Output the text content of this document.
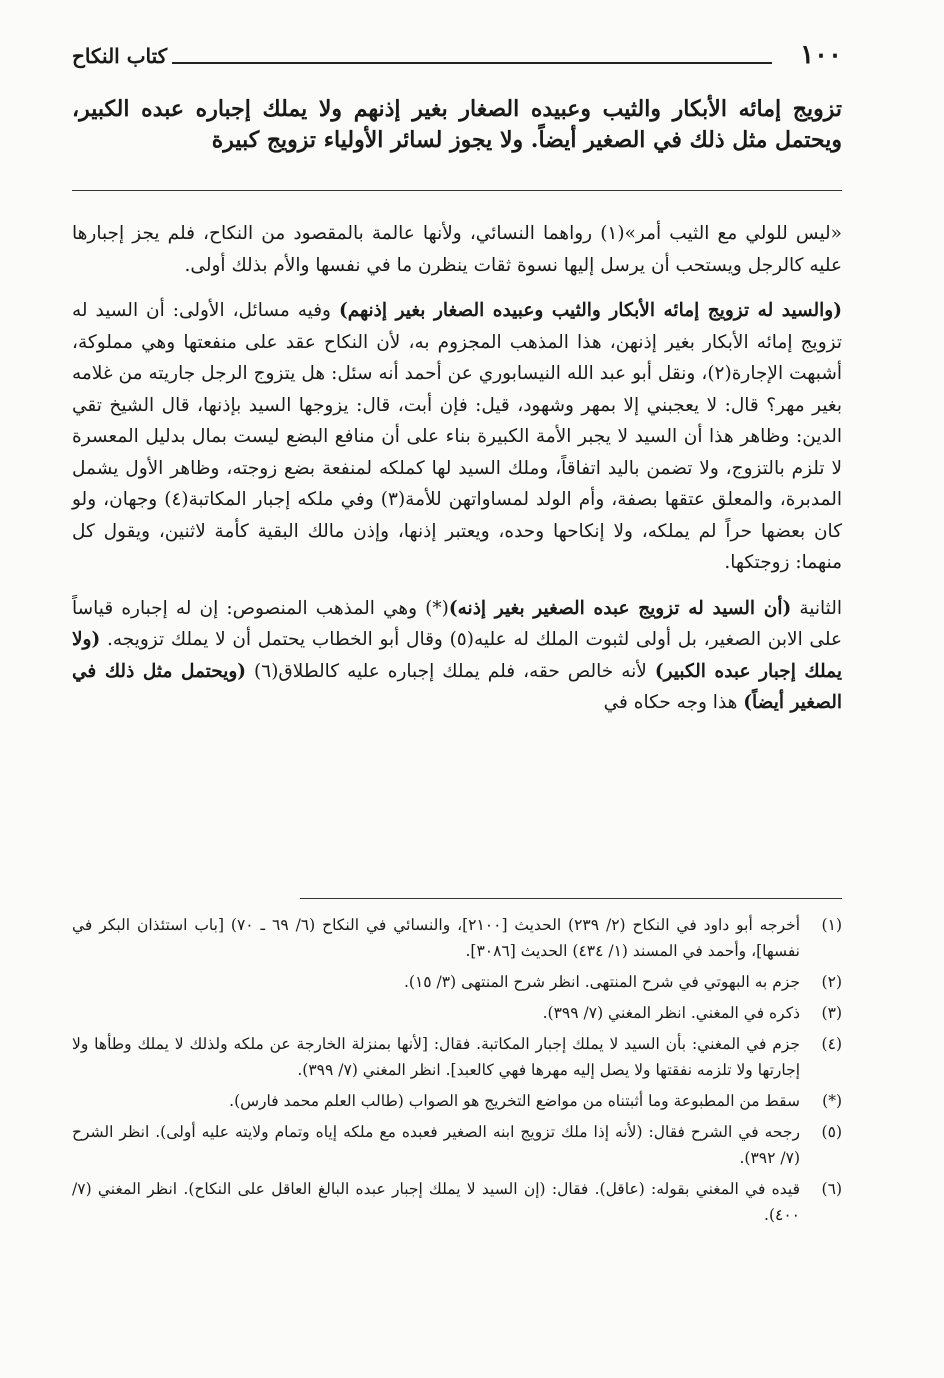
١٠٠
كتاب النكاح
تزويج إمائه الأبكار والثيب وعبيده الصغار بغير إذنهم ولا يملك إجباره عبده الكبير، ويحتمل مثل ذلك في الصغير أيضاً. ولا يجوز لسائر الأولياء تزويج كبيرة

«ليس للولي مع الثيب أمر»(١) رواهما النسائي، ولأنها عالمة بالمقصود من النكاح، فلم يجز إجبارها عليه كالرجل ويستحب أن يرسل إليها نسوة ثقات ينظرن ما في نفسها والأم بذلك أولى.

(والسيد له تزويج إمائه الأبكار والثيب وعبيده الصغار بغير إذنهم) وفيه مسائل، الأولى: أن السيد له تزويج إمائه الأبكار بغير إذنهن، هذا المذهب المجزوم به، لأن النكاح عقد على منفعتها وهي مملوكة، أشبهت الإجارة(٢)، ونقل أبو عبد الله النيسابوري عن أحمد أنه سئل: هل يتزوج الرجل جاريته من غلامه بغير مهر؟ قال: لا يعجبني إلا بمهر وشهود، قيل: فإن أبت، قال: يزوجها السيد بإذنها، قال الشيخ تقي الدين: وظاهر هذا أن السيد لا يجبر الأمة الكبيرة بناء على أن منافع البضع ليست بمال بدليل المعسرة لا تلزم بالتزوج، ولا تضمن باليد اتفاقاً، وملك السيد لها كملكه لمنفعة بضع زوجته، وظاهر الأول يشمل المدبرة، والمعلق عتقها بصفة، وأم الولد لمساواتهن للأمة(٣) وفي ملكه إجبار المكاتبة(٤) وجهان، ولو كان بعضها حراً لم يملكه، ولا إنكاحها وحده، ويعتبر إذنها، وإذن مالك البقية كأمة لاثنين، ويقول كل منهما: زوجتكها.

الثانية (أن السيد له تزويج عبده الصغير بغير إذنه)(*) وهي المذهب المنصوص: إن له إجباره قياساً على الابن الصغير، بل أولى لثبوت الملك له عليه(٥) وقال أبو الخطاب يحتمل أن لا يملك تزويجه. (ولا يملك إجبار عبده الكبير) لأنه خالص حقه، فلم يملك إجباره عليه كالطلاق(٦) (ويحتمل مثل ذلك في الصغير أيضاً) هذا وجه حكاه في

(١)
أخرجه أبو داود في النكاح (٢/ ٢٣٩) الحديث [٢١٠٠]، والنسائي في النكاح (٦/ ٦٩ ـ ٧٠) [باب استئذان البكر في نفسها]، وأحمد في المسند (١/ ٤٣٤) الحديث [٣٠٨٦].
(٢)
جزم به البهوتي في شرح المنتهى. انظر شرح المنتهى (٣/ ١٥).
(٣)
ذكره في المغني. انظر المغني (٧/ ٣٩٩).
(٤)
جزم في المغني: بأن السيد لا يملك إجبار المكاتبة. فقال: [لأنها بمنزلة الخارجة عن ملكه ولذلك لا يملك وطأها ولا إجارتها ولا تلزمه نفقتها ولا يصل إليه مهرها فهي كالعبد]. انظر المغني (٧/ ٣٩٩).
(*)
سقط من المطبوعة وما أثبتناه من مواضع التخريج هو الصواب (طالب العلم محمد فارس).
(٥)
رجحه في الشرح فقال: (لأنه إذا ملك تزويج ابنه الصغير فعبده مع ملكه إياه وتمام ولايته عليه أولى). انظر الشرح (٧/ ٣٩٢).
(٦)
قيده في المغني بقوله: (عاقل). فقال: (إن السيد لا يملك إجبار عبده البالغ العاقل على النكاح). انظر المغني (٧/ ٤٠٠).
